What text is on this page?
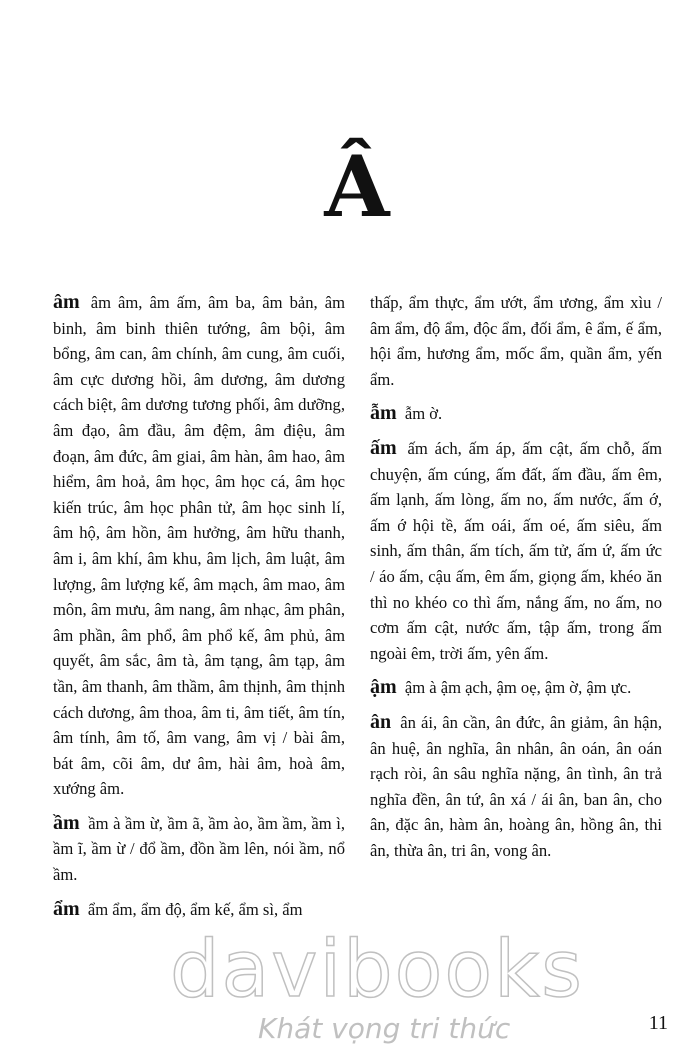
Â

âm âm âm, âm ấm, âm ba, âm bản, âm binh, âm binh thiên tướng, âm bội, âm bổng, âm can, âm chính, âm cung, âm cuối, âm cực dương hồi, âm dương, âm dương cách biệt, âm dương tương phối, âm dưỡng, âm đạo, âm đầu, âm đệm, âm điệu, âm đoạn, âm đức, âm giai, âm hàn, âm hao, âm hiểm, âm hoả, âm học, âm học cá, âm học kiến trúc, âm học phân tử, âm học sinh lí, âm hộ, âm hồn, âm hưởng, âm hữu thanh, âm i, âm khí, âm khu, âm lịch, âm luật, âm lượng, âm lượng kế, âm mạch, âm mao, âm môn, âm mưu, âm nang, âm nhạc, âm phân, âm phần, âm phổ, âm phổ kế, âm phủ, âm quyết, âm sắc, âm tà, âm tạng, âm tạp, âm tần, âm thanh, âm thầm, âm thịnh, âm thịnh cách dương, âm thoa, âm ti, âm tiết, âm tín, âm tính, âm tố, âm vang, âm vị / bài âm, bát âm, cõi âm, dư âm, hài âm, hoà âm, xướng âm.

ầm ầm à ầm ừ, ầm ã, ầm ào, ầm ầm, ầm ì, ầm ĩ, ầm ừ / đổ ầm, đồn ầm lên, nói ầm, nổ ầm.

ẩm ẩm ẩm, ẩm độ, ẩm kế, ẩm sì, ẩm

thấp, ẩm thực, ẩm ướt, ẩm ương, ẩm xìu / âm ẩm, độ ẩm, độc ẩm, đối ẩm, ê ẩm, ế ẩm, hội ẩm, hương ẩm, mốc ẩm, quần ẩm, yến ẩm.

ẫm ẫm ờ.

ấm ấm ách, ấm áp, ấm cật, ấm chỗ, ấm chuyện, ấm cúng, ấm đất, ấm đầu, ấm êm, ấm lạnh, ấm lòng, ấm no, ấm nước, ấm ớ, ấm ớ hội tề, ấm oái, ấm oé, ấm siêu, ấm sinh, ấm thân, ấm tích, ấm tử, ấm ứ, ấm ức / áo ấm, cậu ấm, êm ấm, giọng ấm, khéo ăn thì no khéo co thì ấm, nắng ấm, no ấm, no cơm ấm cật, nước ấm, tập ấm, trong ấm ngoài êm, trời ấm, yên ấm.

ậm ậm à ậm ạch, ậm oẹ, ậm ờ, ậm ực.

ân ân ái, ân cần, ân đức, ân giảm, ân hận, ân huệ, ân nghĩa, ân nhân, ân oán, ân oán rạch ròi, ân sâu nghĩa nặng, ân tình, ân trả nghĩa đền, ân tứ, ân xá / ái ân, ban ân, cho ân, đặc ân, hàm ân, hoàng ân, hồng ân, thi ân, thừa ân, tri ân, vong ân.

davibooks
Khát vọng tri thức	11
